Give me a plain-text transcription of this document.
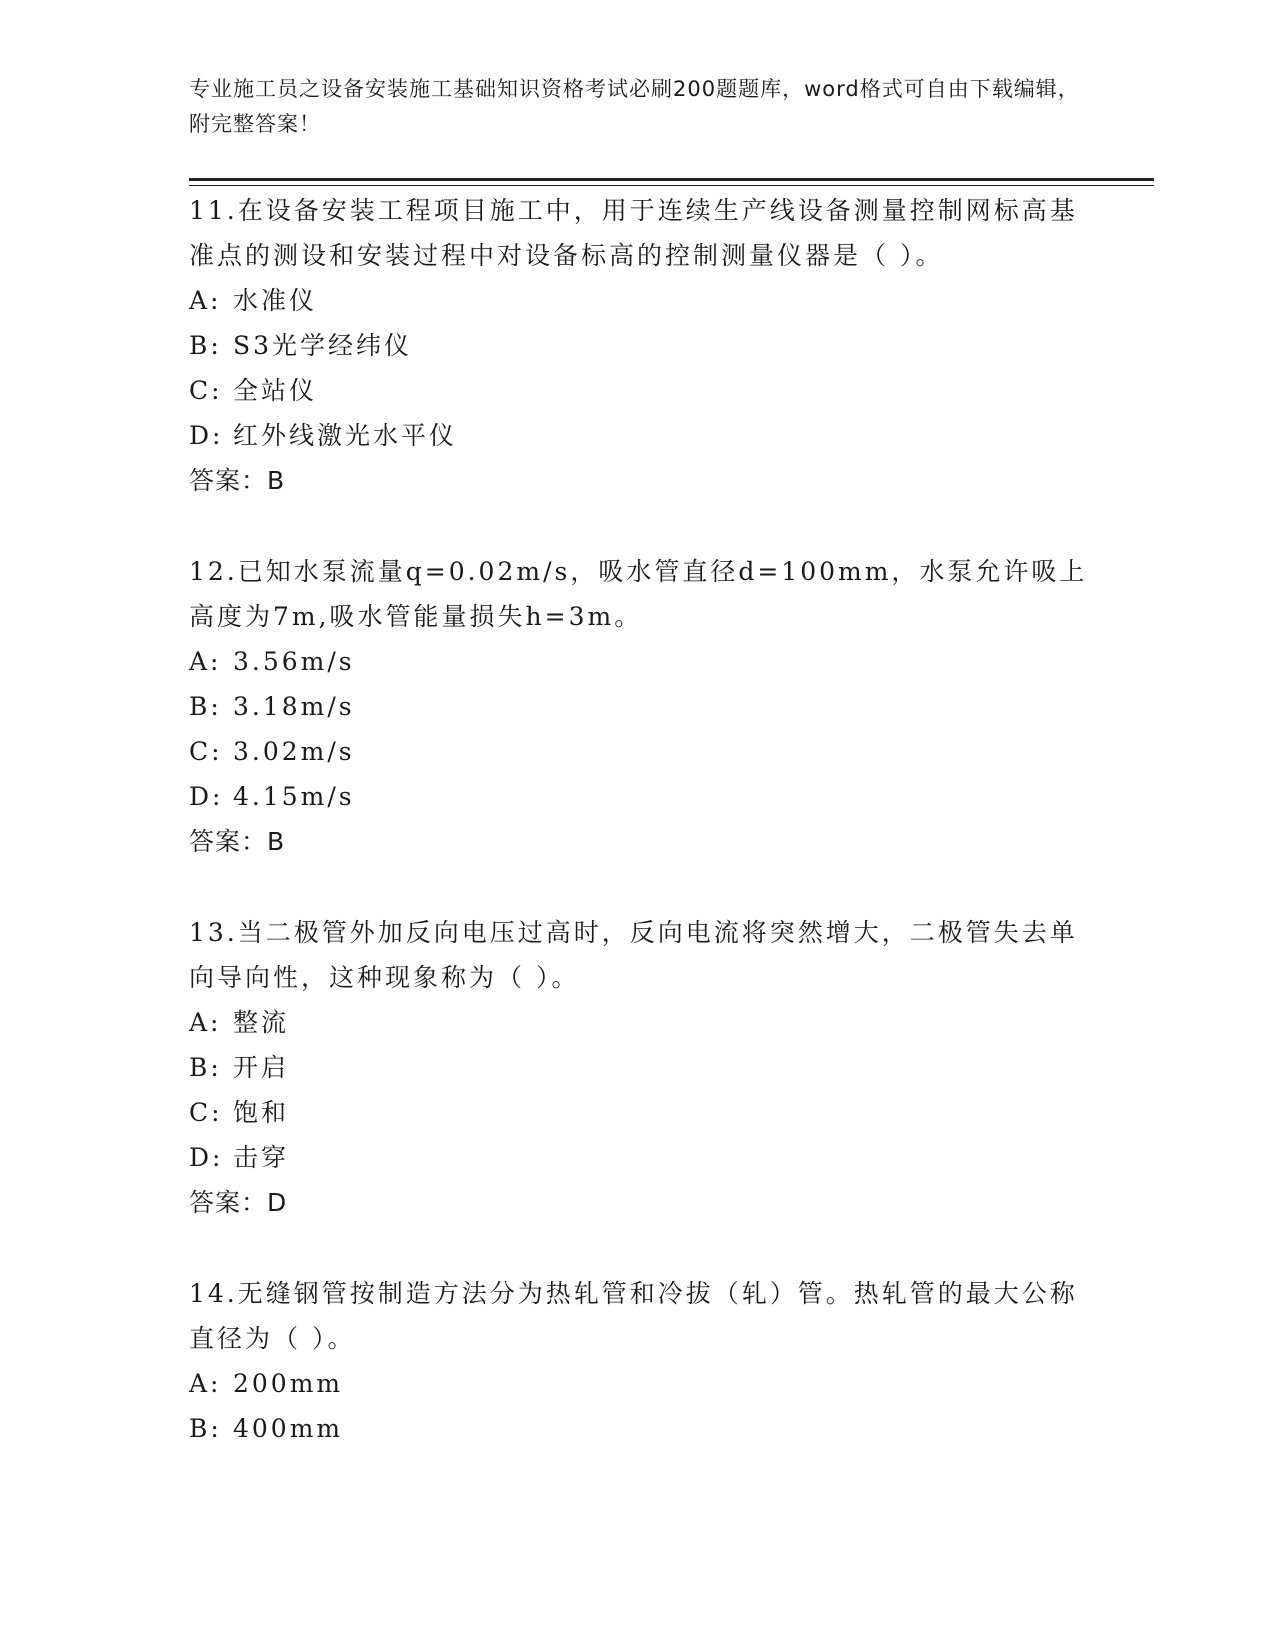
专业施工员之设备安装施工基础知识资格考试必刷200题题库，word格式可自由下载编辑，附完整答案！

11.在设备安装工程项目施工中，用于连续生产线设备测量控制网标高基准点的测设和安装过程中对设备标高的控制测量仪器是（ ）。

A: 水准仪

B: S3光学经纬仪

C: 全站仪

D: 红外线激光水平仪

答案：B

12.已知水泵流量q=0.02m/s，吸水管直径d=100mm，水泵允许吸上高度为7m,吸水管能量损失h=3m。

A: 3.56m/s

B: 3.18m/s

C: 3.02m/s

D: 4.15m/s

答案：B

13.当二极管外加反向电压过高时，反向电流将突然增大，二极管失去单向导向性，这种现象称为（ ）。

A: 整流

B: 开启

C: 饱和

D: 击穿

答案：D

14.无缝钢管按制造方法分为热轧管和冷拔（轧）管。热轧管的最大公称直径为（ ）。

A: 200mm

B: 400mm
